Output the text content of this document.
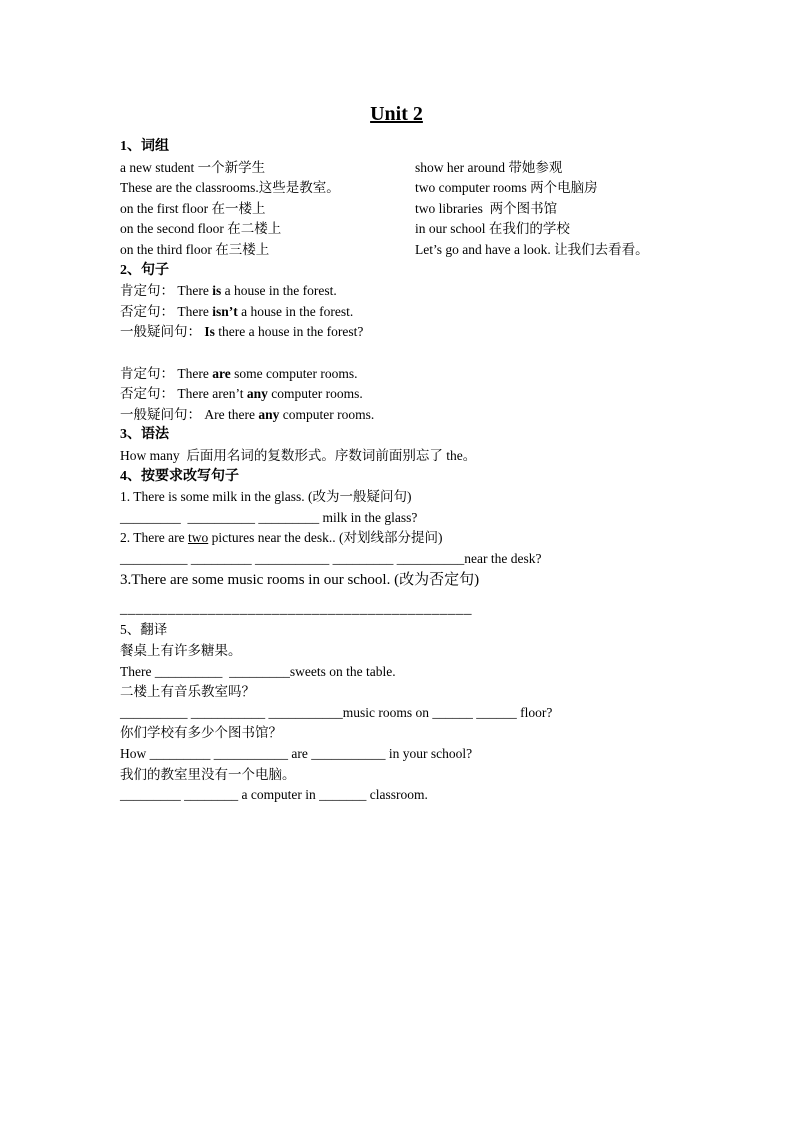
Unit 2
1、词组
a new student 一个新学生	show her around 带她参观
These are the classrooms.这些是教室。	two computer rooms 两个电脑房
on the first floor 在一楼上	two libraries  两个图书馆
on the second floor 在二楼上	in our school 在我们的学校
on the third floor 在三楼上	Let’s go and have a look. 让我们去看看。
2、句子
肯定句： There is a house in the forest.
否定句： There isn’t a house in the forest.
一般疑问句： Is there a house in the forest?
肯定句： There are some computer rooms.
否定句： There aren’t any computer rooms.
一般疑问句： Are there any computer rooms.
3、语法
How many  后面用名词的复数形式。序数词前面别忘了 the。
4、按要求改写句子
1. There is some milk in the glass. (改为一般疑问句)
_________  __________ _________ milk in the glass?
2. There are two pictures near the desk.. (对划线部分提问)
__________ _________ ___________ _________ __________near the desk?
3.There are some music rooms in our school. (改为否定句)
____________________________________________
5、翻译
餐桌上有许多糖果。
There __________  _________sweets on the table.
二楼上有音乐教室吗？
__________ ___________ ___________music rooms on ______ ______ floor?
你们学校有多少个图书馆？
How _________ ___________ are ___________ in your school?
我们的教室里没有一个电脑。
_________ ________ a computer in _______ classroom.
